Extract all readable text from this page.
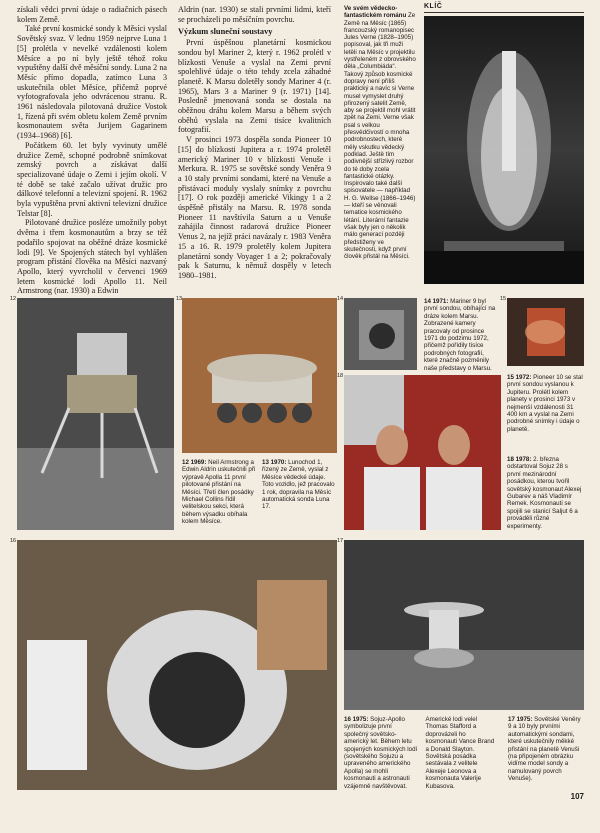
získali vědci první údaje o radiačních pásech kolem Země.

Také první kosmické sondy k Měsíci vyslal Sovětský svaz. V lednu 1959 nejprve Luna 1 [5] prolétla v nevelké vzdálenosti kolem Měsíce a po ní byly ještě téhož roku vypuštěny další dvě měsíční sondy. Luna 2 na Měsíc přímo dopadla, zatímco Luna 3 uskutečnila oblet Měsíce, přičemž poprvé vyfotografovala jeho odvrácenou stranu. R. 1961 následovala pilotovaná družice Vostok 1, řízená při svém obletu kolem Země prvním kosmonautem světa Jurijem Gagarinem (1934–1968) [6].

Počátkem 60. let byly vyvinuty umělé družice Země, schopné podrobně snímkovat zemský povrch a získávat další specializované údaje o Zemi i jejím okolí. V té době se také začalo užívat družic pro dálkové telefonní a televizní spojení. R. 1962 byla vypuštěna první aktivní televizní družice Telstar [8].

Pilotované družice posléze umožnily pobyt dvěma i třem kosmonautům a brzy se též podařilo spojovat na oběžné dráze kosmické lodi [9]. Ve Spojených státech byl vyhlášen program přistání člověka na Měsíci nazvaný Apollo, který vyvrcholil v červenci 1969 letem kosmické lodi Apollo 11. Neil Armstrong (nar. 1930) a Edwin

Aldrin (nar. 1930) se stali prvními lidmi, kteří se procházeli po měsíčním povrchu.

Výzkum sluneční soustavy

První úspěšnou planetární kosmickou sondou byl Mariner 2, který r. 1962 prolétl v blízkosti Venuše a vyslal na Zemi první spolehlivé údaje o této tehdy zcela záhadné planetě. K Marsu doletěly sondy Mariner 4 (r. 1965), Mars 3 a Mariner 9 (r. 1971) [14]. Posledně jmenovaná sonda se dostala na oběžnou dráhu kolem Marsu a během svých oběhů vyslala na Zemi tisíce kvalitních fotografií.

V prosinci 1973 dospěla sonda Pioneer 10 [15] do blízkosti Jupitera a r. 1974 proletěl americký Mariner 10 v blízkosti Venuše i Merkura. R. 1975 se sovětské sondy Veněra 9 a 10 staly prvními sondami, které na Venuše a přistávací moduly vyslaly snímky z povrchu [17]. O rok později americké Vikingy 1 a 2 úspěšně přistály na Marsu. R. 1978 sonda Pioneer 11 navštívila Saturn a u Venuše zahájila činnost radarová družice Pioneer Venus 2, na jejíž práci navázaly r. 1983 Veněra 15 a 16. R. 1979 proletěly kolem Jupitera planetární sondy Voyager 1 a 2; pokračovaly pak k Saturnu, k němuž dospěly v letech 1980–1981.

Ve svém vědecko-fantastickém románu Ze Země na Měsíc (1865) francouzský romanopisec Jules Verne (1828–1905) popisoval, jak tři muži letěli na Měsíc v projektilu vystřeleném z obrovského děla „Columbiáda“. Takový způsob kosmické dopravy není příliš praktický a navíc si Verne musel vymyslet druhý přirozený satelit Země, aby se projektil mohl vrátit zpět na Zemi. Verne však psal s velkou přesvědčivostí o mnoha podrobnostech, které měly vskutku vědecký podklad. Ještě tím podivnější střízlivý rozbor do té doby zcela fantastické otázky. Inspirovalo také další spisovatele — například H. G. Wellse (1866–1946) — kteří se věnovali tematice kosmického létání. Literární fantazie však byly jen o několik málo generací později předstiženy ve skutečnosti, když první člověk přistál na Měsíci.
KLÍČ
12	13
12 1969: Neil Armstrong a Edwin Aldrin uskutečnili při výpravě Apolla 11 první pilotované přistání na Měsíci. Třetí člen posádky Michael Collins řídil velitelskou sekci, která během výsadku obíhala kolem Měsíce.
13 1970: Lunochod 1, řízený ze Země, vyslal z Měsíce vědecké údaje. Toto vozidlo, jež pracovalo 1 rok, dopravila na Měsíc automatická sonda Luna 17.
14	14 1971: Mariner 9 byl první sondou, obíhající na dráze kolem Marsu. Zobrazené kamery pracovaly od prosince 1971 do podzimu 1972, přičemž pořídily tisíce podrobných fotografií, které značně pozměnily naše představy o Marsu.
15
15 1972: Pioneer 10 se stal první sondou vyslanou k Jupiteru. Prolétl kolem planety v prosinci 1973 v nejmenší vzdálenosti 31 400 km a vyslal na Zemi podrobné snímky i údaje o planetě.
18
18 1978: 2. března odstartoval Sojuz 28 s první mezinárodní posádkou, kterou tvořil sovětský kosmonaut Alexej Gubarev a náš Vladimír Remek. Kosmonauti se spojili se stanicí Saljut 6 a prováděli různé experimenty.
16	17
16 1975: Sojuz-Apollo symbolizuje první společný sovětsko-americký let. Během letu spojených kosmických lodí (sovětského Sojuzu a upraveného amerického Apolla) se mohli kosmonauti a astronauti vzájemně navštěvovat. Americké lodi velel Thomas Stafford a doprovázeli ho kosmonauti Vance Brand a Donald Slayton. Sovětská posádka sestávala z velitele Alexeje Leonova a kosmonauta Valerije Kubasova.
17 1975: Sovětské Veněry 9 a 10 byly prvními automatickými sondami, které uskutečnily měkké přistání na planetě Venuši (na připojeném obrázku vidíme model sondy a namulovaný povrch Venuše).
107
